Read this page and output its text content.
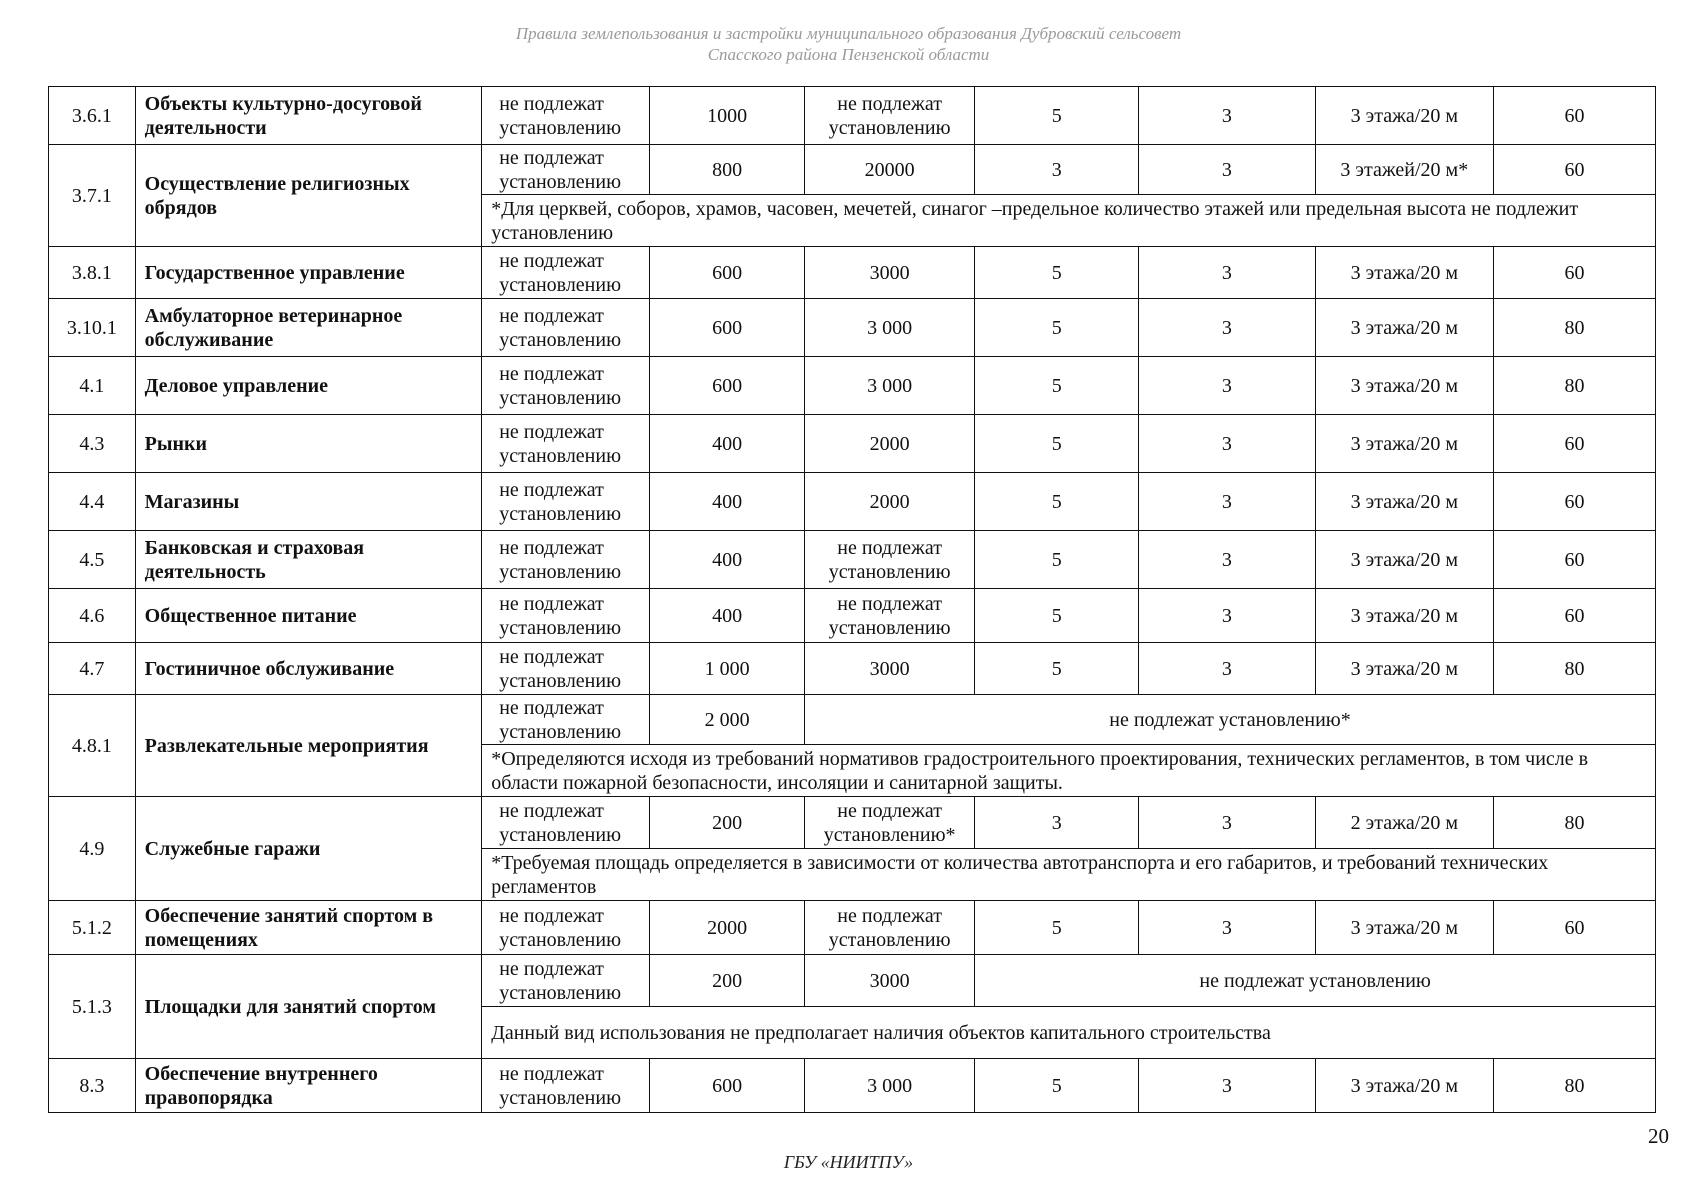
Правила землепользования и застройки муниципального образования Дубровский сельсовет
Спасского района Пензенской области
3.6.1	Объекты культурно-досуговой деятельности	не подлежат установлению	1000	не подлежат установлению	5	3	3 этажа/20 м	60
3.7.1	Осуществление религиозных обрядов	не подлежат установлению	800	20000	3	3	3 этажей/20 м*	60
		*Для церквей, соборов, храмов, часовен, мечетей, синагог –предельное количество этажей или предельная высота не подлежит установлению						
3.8.1	Государственное управление	не подлежат установлению	600	3000	5	3	3 этажа/20 м	60
3.10.1	Амбулаторное ветеринарное обслуживание	не подлежат установлению	600	3 000	5	3	3 этажа/20 м	80
4.1	Деловое управление	не подлежат установлению	600	3 000	5	3	3 этажа/20 м	80
4.3	Рынки	не подлежат установлению	400	2000	5	3	3 этажа/20 м	60
4.4	Магазины	не подлежат установлению	400	2000	5	3	3 этажа/20 м	60
4.5	Банковская и страховая деятельность	не подлежат установлению	400	не подлежат установлению	5	3	3 этажа/20 м	60
4.6	Общественное питание	не подлежат установлению	400	не подлежат установлению	5	3	3 этажа/20 м	60
4.7	Гостиничное обслуживание	не подлежат установлению	1 000	3000	5	3	3 этажа/20 м	80
4.8.1	Развлекательные мероприятия	не подлежат установлению	2 000	не подлежат установлению*				
		*Определяются исходя из требований нормативов градостроительного проектирования, технических регламентов, в том числе в области пожарной безопасности, инсоляции и санитарной защиты.						
4.9	Служебные гаражи	не подлежат установлению	200	не подлежат установлению*	3	3	2 этажа/20 м	80
		*Требуемая площадь определяется в зависимости от количества автотранспорта и его габаритов, и требований технических регламентов						
5.1.2	Обеспечение занятий спортом в помещениях	не подлежат установлению	2000	не подлежат установлению	5	3	3 этажа/20 м	60
5.1.3	Площадки для занятий спортом	не подлежат установлению	200	3000	не подлежат установлению			
		Данный вид использования не предполагает наличия объектов капитального строительства						
8.3	Обеспечение внутреннего правопорядка	не подлежат установлению	600	3 000	5	3	3 этажа/20 м	80
20
ГБУ «НИИТПУ»
